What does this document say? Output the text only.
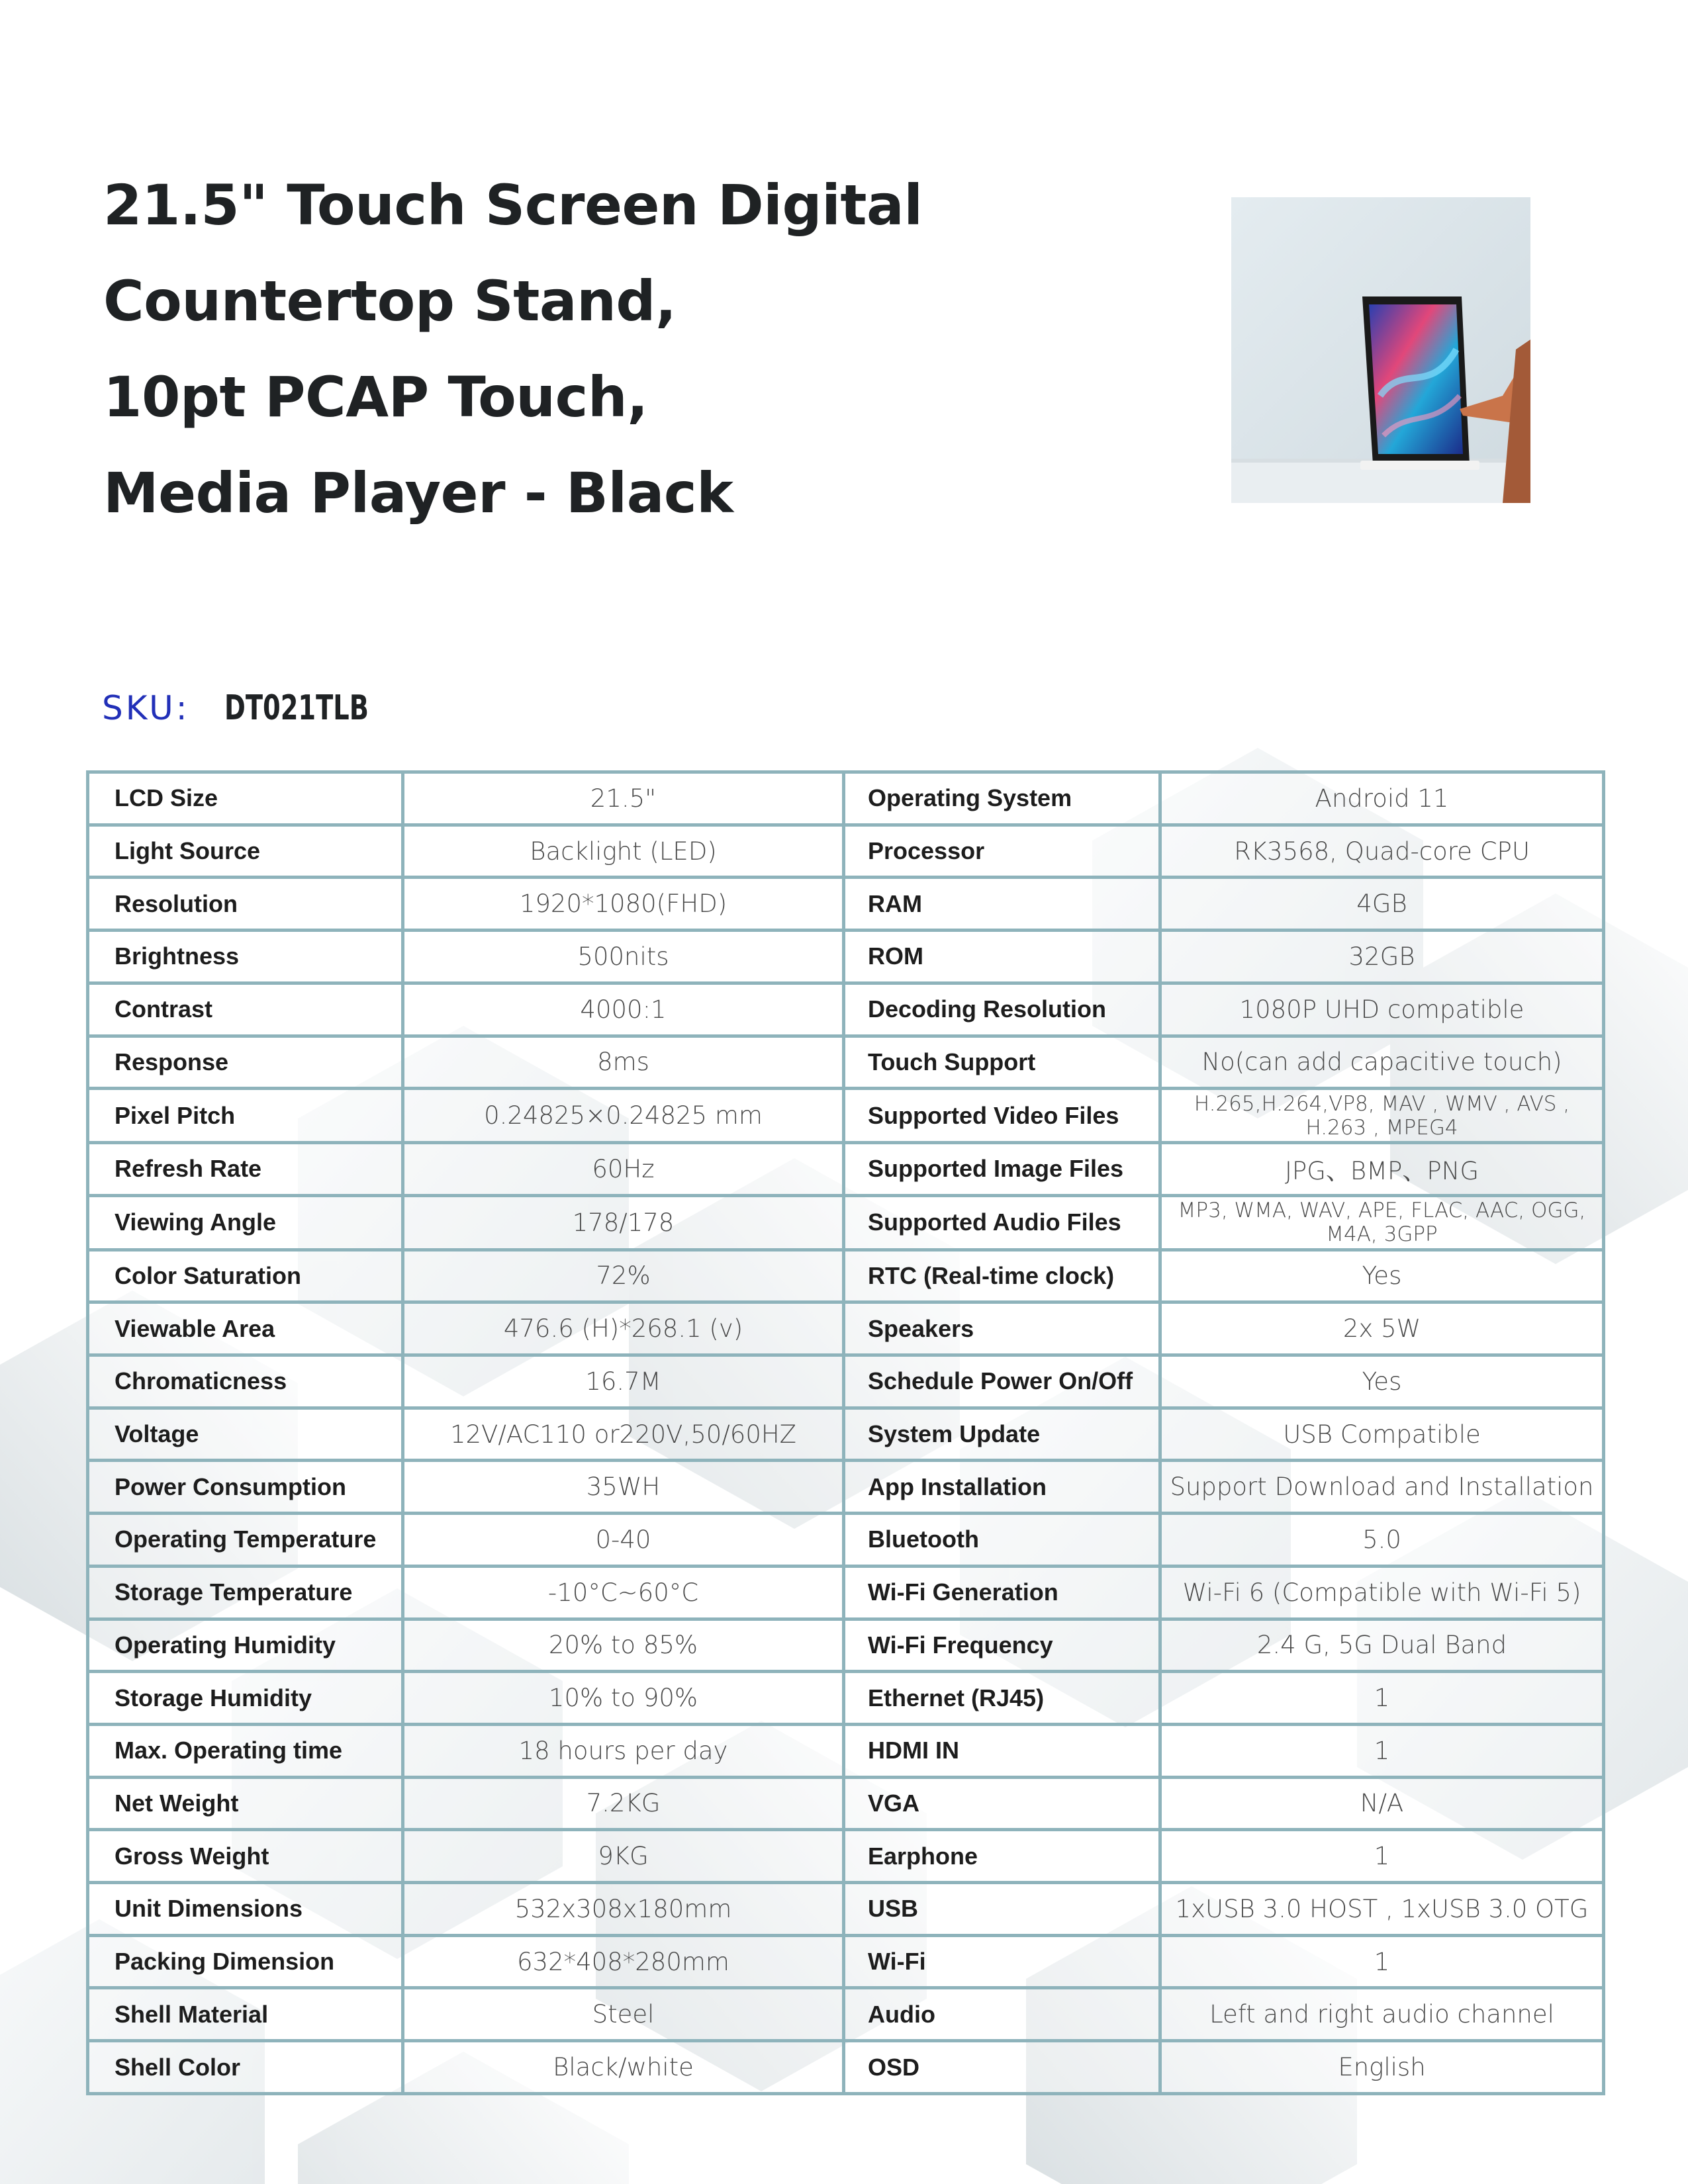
21.5" Touch Screen Digital
Countertop Stand,
10pt PCAP Touch,
Media Player - Black
SKU: DT021TLB
LCD Size	21.5"	Operating System	Android 11
Light Source	Backlight (LED)	Processor	RK3568, Quad-core CPU
Resolution	1920*1080(FHD)	RAM	4GB
Brightness	500nits	ROM	32GB
Contrast	4000:1	Decoding Resolution	1080P UHD compatible
Response	8ms	Touch Support	No(can add capacitive touch)
Pixel Pitch	0.24825×0.24825 mm	Supported Video Files	H.265,H.264,VP8, MAV , WMV , AVS , H.263 , MPEG4
Refresh Rate	60Hz	Supported Image Files	JPG、BMP、PNG
Viewing Angle	178/178	Supported Audio Files	MP3, WMA, WAV, APE, FLAC, AAC, OGG, M4A, 3GPP
Color Saturation	72%	RTC (Real-time clock)	Yes
Viewable Area	476.6 (H)*268.1 (v)	Speakers	2x 5W
Chromaticness	16.7M	Schedule Power On/Off	Yes
Voltage	12V/AC110 or220V,50/60HZ	System Update	USB Compatible
Power Consumption	35WH	App Installation	Support Download and Installation
Operating Temperature	0-40	Bluetooth	5.0
Storage Temperature	-10°C~60°C	Wi-Fi Generation	Wi-Fi 6 (Compatible with Wi-Fi 5)
Operating Humidity	20% to 85%	Wi-Fi Frequency	2.4 G, 5G Dual Band
Storage Humidity	10% to 90%	Ethernet (RJ45)	1
Max. Operating time	18 hours per day	HDMI IN	1
Net Weight	7.2KG	VGA	N/A
Gross Weight	9KG	Earphone	1
Unit Dimensions	532x308x180mm	USB	1xUSB 3.0 HOST , 1xUSB 3.0 OTG
Packing Dimension	632*408*280mm	Wi-Fi	1
Shell Material	Steel	Audio	Left and right audio channel
Shell Color	Black/white	OSD	English
